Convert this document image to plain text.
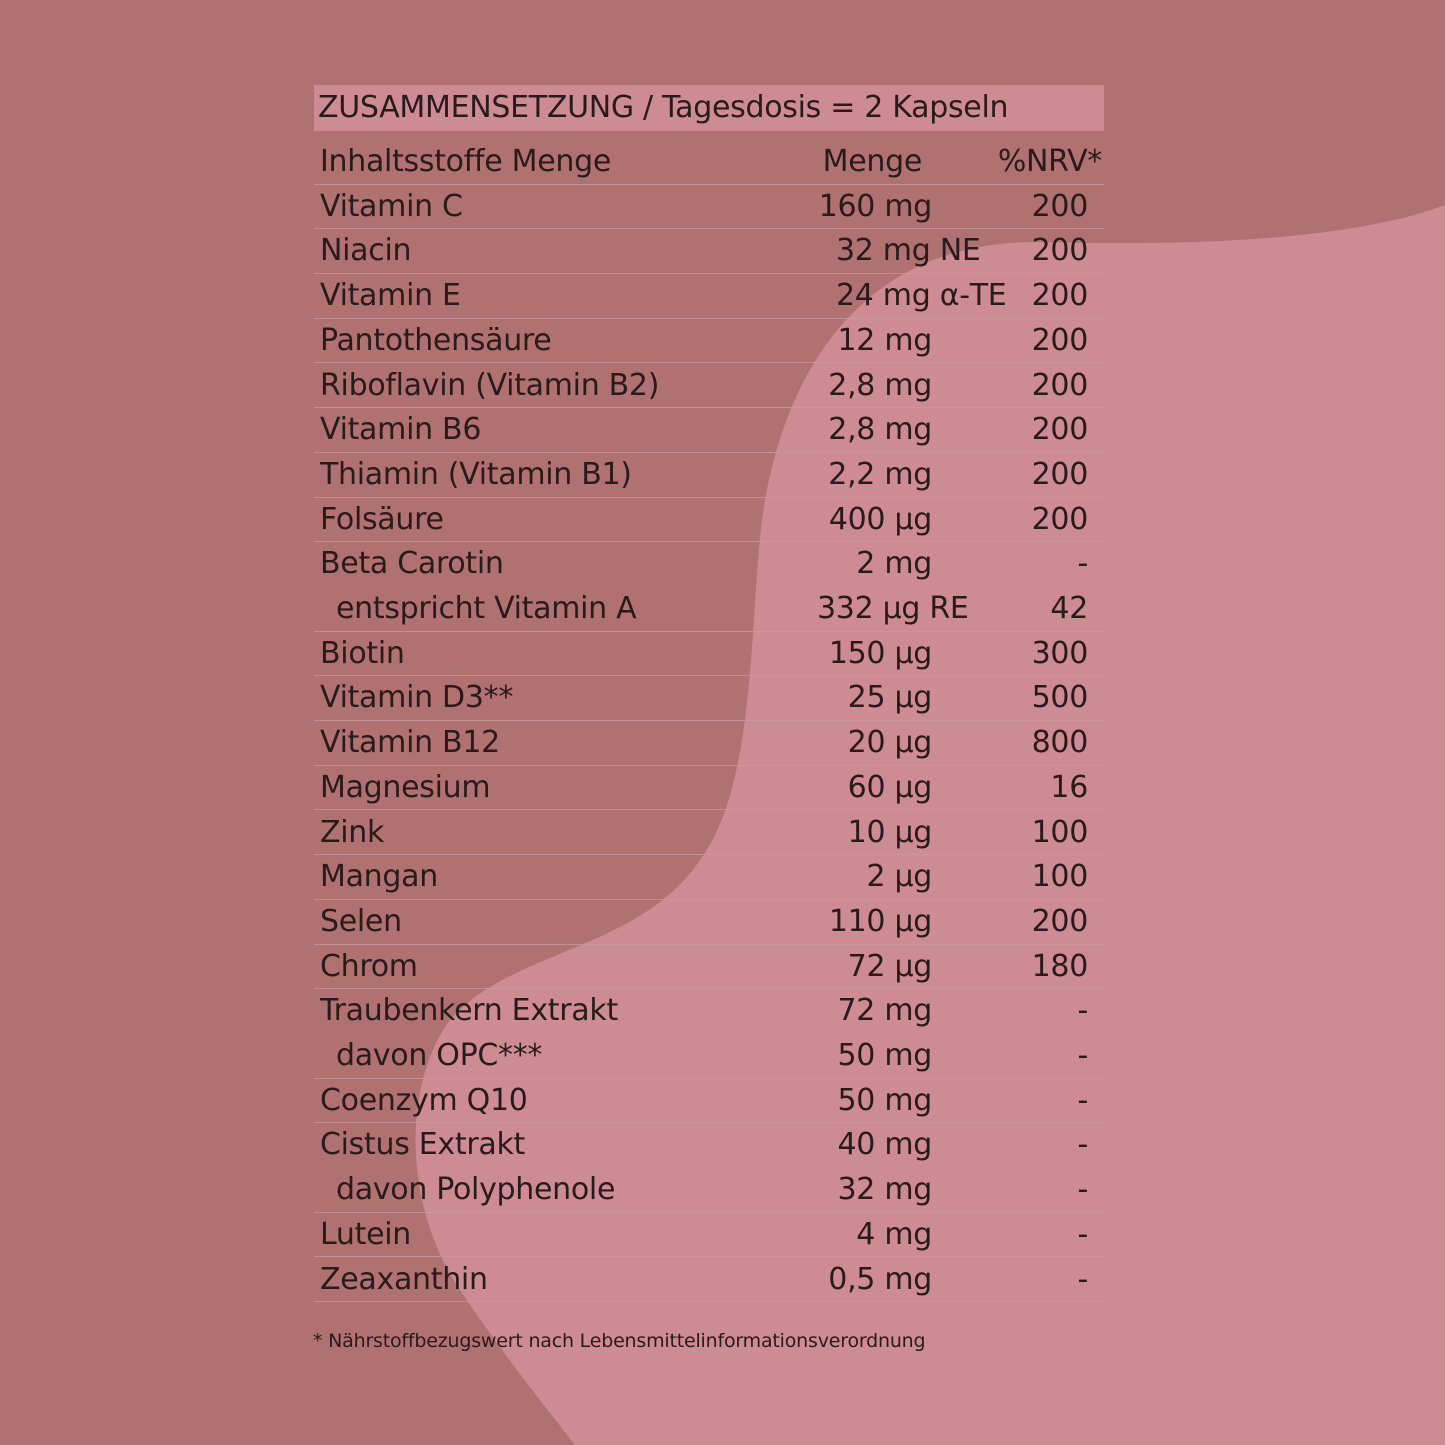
ZUSAMMENSETZUNG / Tagesdosis = 2 Kapseln
Inhaltsstoffe Menge	Menge	%NRV*
Vitamin C	160 mg	200
Niacin	32 mg NE 200
Vitamin E	24 mg α-TE 200
Pantothensäure	12 mg	200
Riboflavin (Vitamin B2)	2,8 mg	200
Vitamin B6	2,8 mg	200
Thiamin (Vitamin B1)	2,2 mg	200
Folsäure	400 µg	200
Beta Carotin	2 mg	-
entspricht Vitamin A	332 µg RE	42
Biotin	150 µg	300
Vitamin D3**	25 µg	500
Vitamin B12	20 µg	800
Magnesium	60 µg	16
Zink	10 µg	100
Mangan	2 µg	100
Selen	110 µg	200
Chrom	72 µg	180
Traubenkern Extrakt	72 mg	-
davon OPC***	50 mg	-
Coenzym Q10	50 mg	-
Cistus Extrakt	40 mg	-
davon Polyphenole	32 mg	-
Lutein	4 mg	-
Zeaxanthin	0,5 mg	-
* Nährstoffbezugswert nach Lebensmittelinformationsverordnung
